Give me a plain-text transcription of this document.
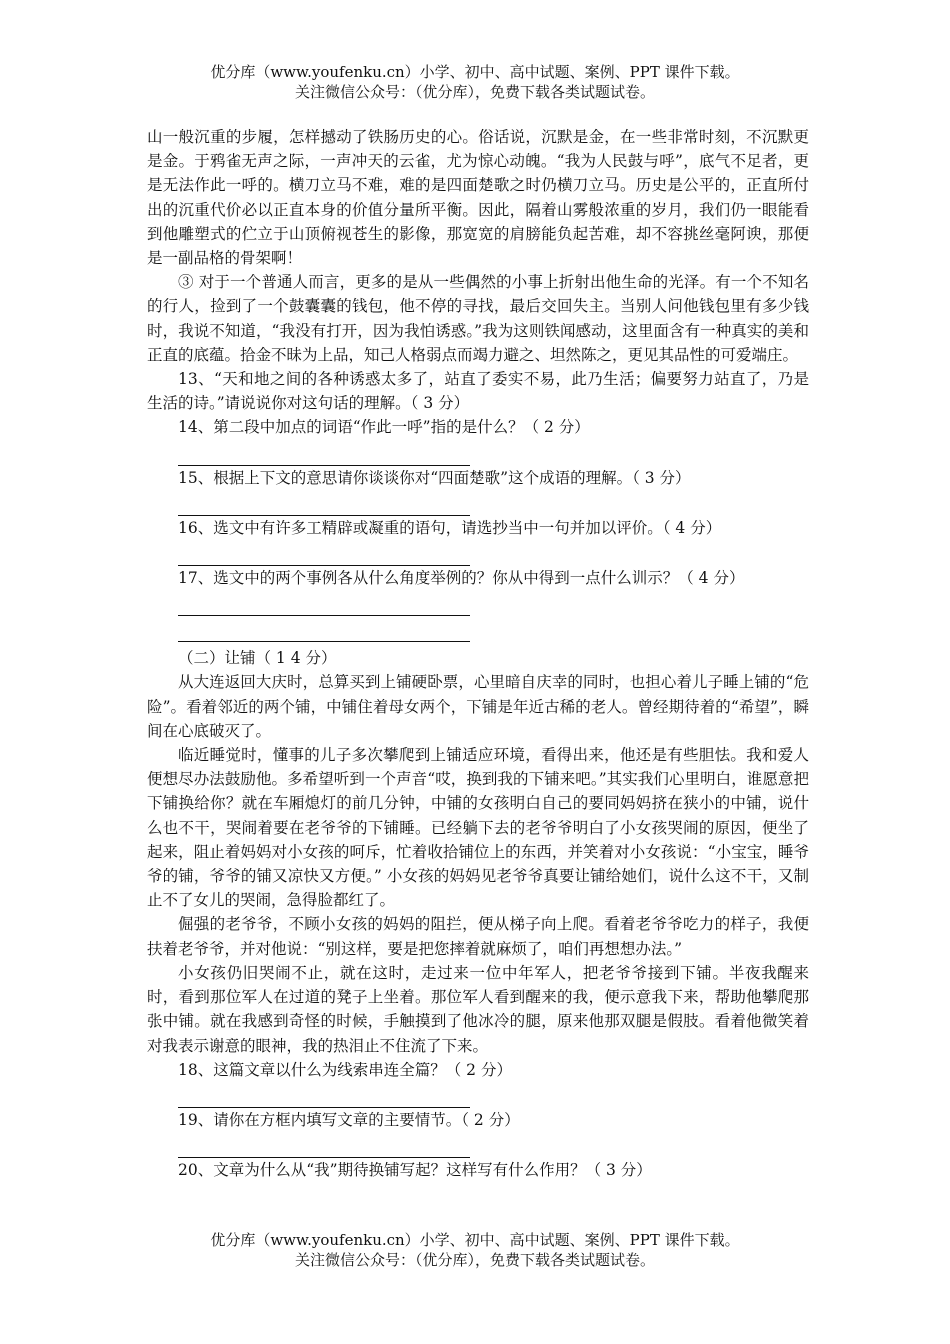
优分库（www.youfenku.cn）小学、初中、高中试题、案例、PPT 课件下载。
关注微信公众号：（优分库），免费下载各类试题试卷。

山一般沉重的步履，怎样撼动了铁肠历史的心。俗话说，沉默是金，在一些非常时刻，不沉默更是金。于鸦雀无声之际，一声冲天的云雀，尤为惊心动魄。“我为人民鼓与呼”，底气不足者，更是无法作此一呼的。横刀立马不难，难的是四面楚歌之时仍横刀立马。历史是公平的，正直所付出的沉重代价必以正直本身的价值分量所平衡。因此，隔着山雾般浓重的岁月，我们仍一眼能看到他雕塑式的伫立于山顶俯视苍生的影像，那宽宽的肩膀能负起苦难，却不容挑丝毫阿谀，那便是一副品格的骨架啊！

③ 对于一个普通人而言，更多的是从一些偶然的小事上折射出他生命的光泽。有一个不知名的行人，捡到了一个鼓囊囊的钱包，他不停的寻找，最后交回失主。当别人问他钱包里有多少钱时，我说不知道，“我没有打开，因为我怕诱惑。”我为这则铁闻感动，这里面含有一种真实的美和正直的底蕴。拾金不昧为上品，知己人格弱点而竭力避之、坦然陈之，更见其品性的可爱端庄。

13、“天和地之间的各种诱惑太多了，站直了委实不易，此乃生活；偏要努力站直了，乃是生活的诗。”请说说你对这句话的理解。（ 3 分）

14、第二段中加点的词语“作此一呼”指的是什么？（ 2 分）

15、根据上下文的意思请你谈谈你对“四面楚歌”这个成语的理解。（ 3 分）

16、选文中有许多工精辟或凝重的语句，请选抄当中一句并加以评价。（ 4 分）

17、选文中的两个事例各从什么角度举例的？你从中得到一点什么训示？（ 4 分）

（二）让铺（ 1 4 分）

从大连返回大庆时，总算买到上铺硬卧票，心里暗自庆幸的同时，也担心着儿子睡上铺的“危险”。看着邻近的两个铺，中铺住着母女两个，下铺是年近古稀的老人。曾经期待着的“希望”，瞬间在心底破灭了。

临近睡觉时，懂事的儿子多次攀爬到上铺适应环境，看得出来，他还是有些胆怯。我和爱人便想尽办法鼓励他。多希望听到一个声音“哎，换到我的下铺来吧。”其实我们心里明白，谁愿意把下铺换给你？就在车厢熄灯的前几分钟，中铺的女孩明白自己的要同妈妈挤在狭小的中铺，说什么也不干，哭闹着要在老爷爷的下铺睡。已经躺下去的老爷爷明白了小女孩哭闹的原因，便坐了起来，阻止着妈妈对小女孩的呵斥，忙着收拾铺位上的东西，并笑着对小女孩说：“小宝宝，睡爷爷的铺，爷爷的铺又凉快又方便。” 小女孩的妈妈见老爷爷真要让铺给她们，说什么这不干，又制止不了女儿的哭闹，急得脸都红了。

倔强的老爷爷，不顾小女孩的妈妈的阻拦，便从梯子向上爬。看着老爷爷吃力的样子，我便扶着老爷爷，并对他说：“别这样，要是把您摔着就麻烦了，咱们再想想办法。”

小女孩仍旧哭闹不止，就在这时，走过来一位中年军人，把老爷爷接到下铺。半夜我醒来时，看到那位军人在过道的凳子上坐着。那位军人看到醒来的我，便示意我下来，帮助他攀爬那张中铺。就在我感到奇怪的时候，手触摸到了他冰冷的腿，原来他那双腿是假肢。看着他微笑着对我表示谢意的眼神，我的热泪止不住流了下来。

18、这篇文章以什么为线索串连全篇？（ 2 分）

19、请你在方框内填写文章的主要情节。（ 2 分）

20、文章为什么从“我”期待换铺写起？这样写有什么作用？（ 3 分）

优分库（www.youfenku.cn）小学、初中、高中试题、案例、PPT 课件下载。
关注微信公众号：（优分库），免费下载各类试题试卷。
